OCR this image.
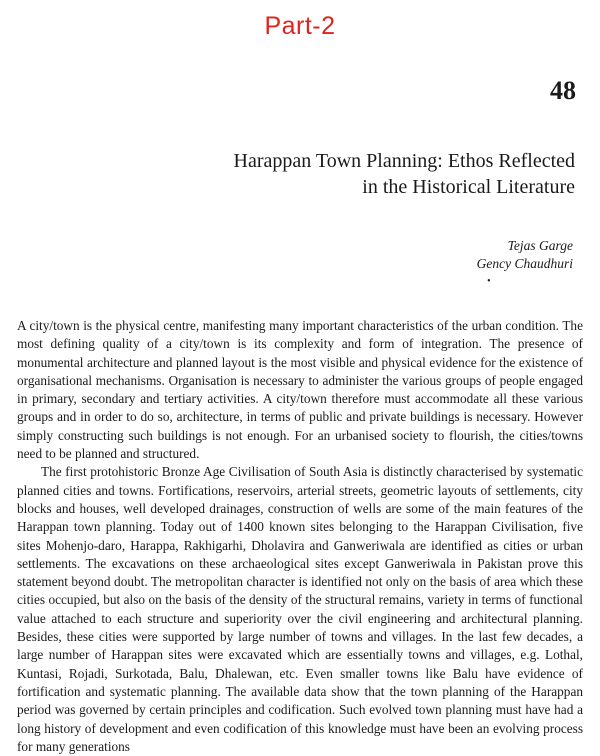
Part-2
48
Harappan Town Planning: Ethos Reflected
in the Historical Literature
Tejas Garge
Gency Chaudhuri
•

A city/town is the physical centre, manifesting many important characteristics of the urban condition. The most defining quality of a city/town is its complexity and form of integration. The presence of monumental architecture and planned layout is the most visible and physical evidence for the existence of organisational mechanisms. Organisation is necessary to administer the various groups of people engaged in primary, secondary and tertiary activities. A city/town therefore must accommodate all these various groups and in order to do so, architecture, in terms of public and private buildings is necessary. However simply constructing such buildings is not enough. For an urbanised society to flourish, the cities/towns need to be planned and structured.

The first protohistoric Bronze Age Civilisation of South Asia is distinctly characterised by systematic planned cities and towns. Fortifications, reservoirs, arterial streets, geometric layouts of settlements, city blocks and houses, well developed drainages, construction of wells are some of the main features of the Harappan town planning. Today out of 1400 known sites belonging to the Harappan Civilisation, five sites Mohenjo-daro, Harappa, Rakhigarhi, Dholavira and Ganweriwala are identified as cities or urban settlements. The excavations on these archaeological sites except Ganweriwala in Pakistan prove this statement beyond doubt. The metropolitan character is identified not only on the basis of area which these cities occupied, but also on the basis of the density of the structural remains, variety in terms of functional value attached to each structure and superiority over the civil engineering and architectural planning. Besides, these cities were supported by large number of towns and villages. In the last few decades, a large number of Harappan sites were excavated which are essentially towns and villages, e.g. Lothal, Kuntasi, Rojadi, Surkotada, Balu, Dhalewan, etc. Even smaller towns like Balu have evidence of fortification and systematic planning. The available data show that the town planning of the Harappan period was governed by certain principles and codification. Such evolved town planning must have had a long history of development and even codification of this knowledge must have been an evolving process for many generations
